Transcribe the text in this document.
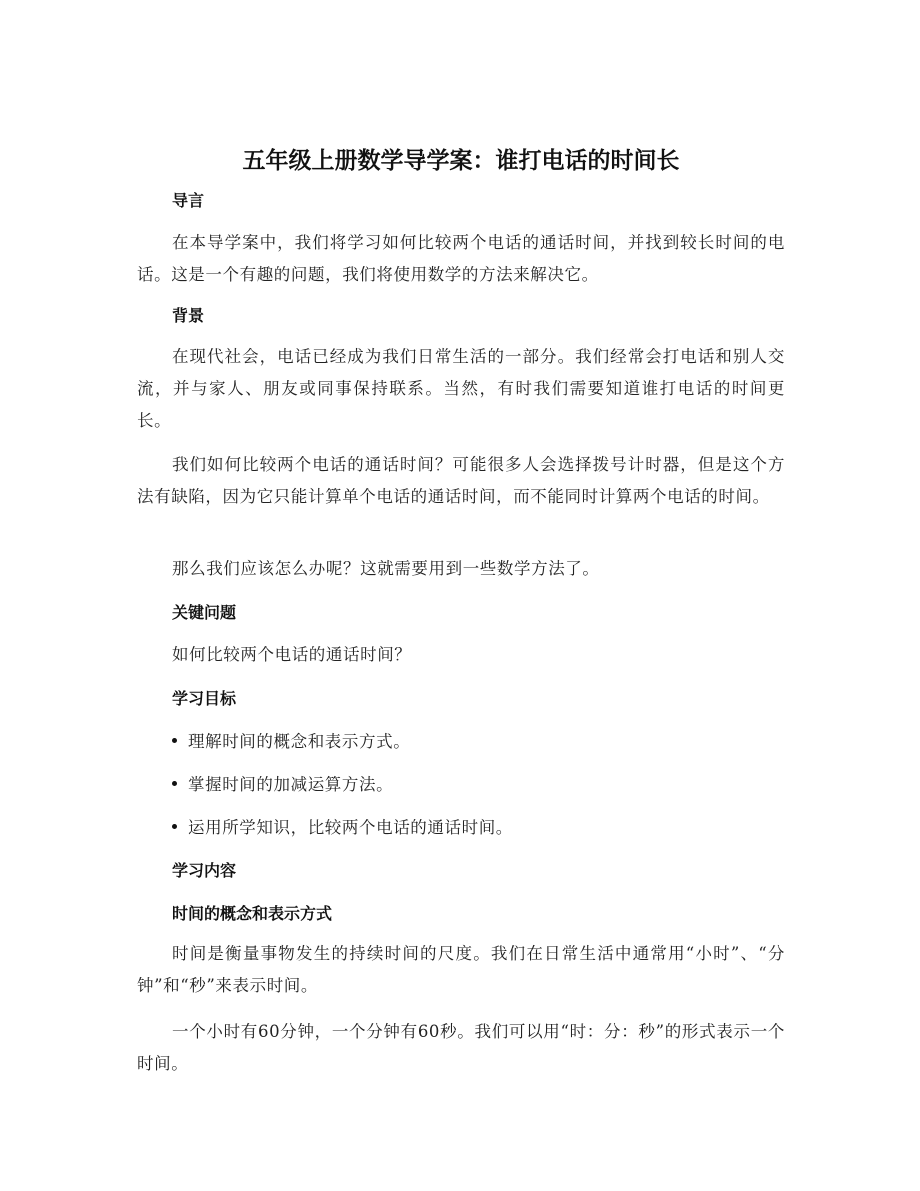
五年级上册数学导学案：谁打电话的时间长
导言
在本导学案中，我们将学习如何比较两个电话的通话时间，并找到较长时间的电话。这是一个有趣的问题，我们将使用数学的方法来解决它。
背景
在现代社会，电话已经成为我们日常生活的一部分。我们经常会打电话和别人交流，并与家人、朋友或同事保持联系。当然，有时我们需要知道谁打电话的时间更长。
我们如何比较两个电话的通话时间？可能很多人会选择拨号计时器，但是这个方法有缺陷，因为它只能计算单个电话的通话时间，而不能同时计算两个电话的时间。
那么我们应该怎么办呢？这就需要用到一些数学方法了。
关键问题
如何比较两个电话的通话时间？
学习目标
理解时间的概念和表示方式。
掌握时间的加减运算方法。
运用所学知识，比较两个电话的通话时间。
学习内容
时间的概念和表示方式
时间是衡量事物发生的持续时间的尺度。我们在日常生活中通常用“小时”、“分钟”和“秒”来表示时间。
一个小时有60分钟，一个分钟有60秒。我们可以用“时：分：秒”的形式表示一个时间。
